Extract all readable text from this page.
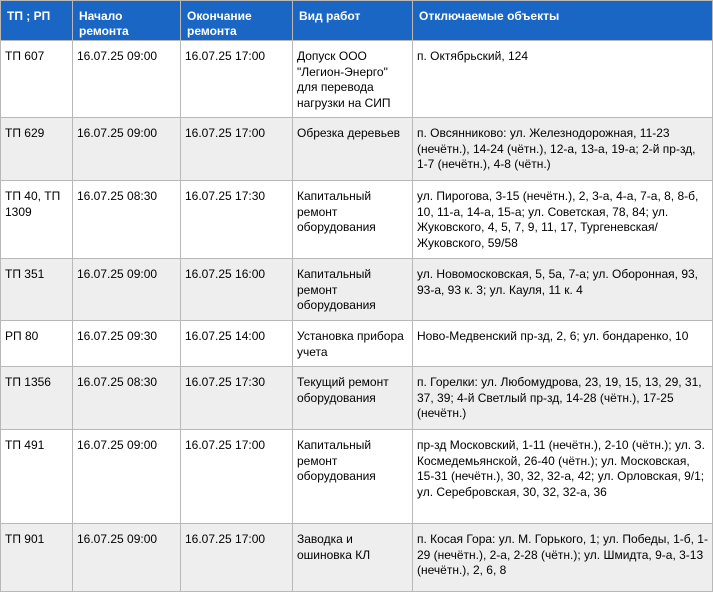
ТП ; РП	Начало ремонта	Окончание ремонта	Вид работ	Отключаемые объекты
ТП 607	16.07.25 09:00	16.07.25 17:00	Допуск ООО "Легион-Энерго" для перевода нагрузки на СИП	п. Октябрьский, 124
ТП 629	16.07.25 09:00	16.07.25 17:00	Обрезка деревьев	п. Овсянниково: ул. Железнодорожная, 11-23 (нечётн.), 14-24 (чётн.), 12-а, 13-а, 19-а; 2-й пр-зд, 1-7 (нечётн.), 4-8 (чётн.)
ТП 40, ТП 1309	16.07.25 08:30	16.07.25 17:30	Капитальный ремонт оборудования	ул. Пирогова, 3-15 (нечётн.), 2, 3-а, 4-а, 7-а, 8, 8-б, 10, 11-а, 14-а, 15-а; ул. Советская, 78, 84; ул. Жуковского, 4, 5, 7, 9, 11, 17, Тургеневская/ Жуковского, 59/58
ТП 351	16.07.25 09:00	16.07.25 16:00	Капитальный ремонт оборудования	ул. Новомосковская, 5, 5а, 7-а; ул. Оборонная, 93, 93-а, 93 к. 3; ул. Кауля, 11 к. 4
РП 80	16.07.25 09:30	16.07.25 14:00	Установка прибора учета	Ново-Медвенский пр-зд, 2, 6; ул. бондаренко, 10
ТП 1356	16.07.25 08:30	16.07.25 17:30	Текущий ремонт оборудования	п. Горелки: ул. Любомудрова, 23, 19, 15, 13, 29, 31, 37, 39; 4-й Светлый пр-зд, 14-28 (чётн.), 17-25 (нечётн.)
ТП 491	16.07.25 09:00	16.07.25 17:00	Капитальный ремонт оборудования	пр-зд Московский, 1-11 (нечётн.), 2-10 (чётн.); ул. З. Космедемьянской, 26-40 (чётн.); ул. Московская, 15-31 (нечётн.), 30, 32, 32-а, 42; ул. Орловская, 9/1; ул. Серебровская, 30, 32, 32-а, 36
ТП 901	16.07.25 09:00	16.07.25 17:00	Заводка и ошиновка КЛ	п. Косая Гора: ул. М. Горького, 1; ул. Победы, 1-б, 1-29 (нечётн.), 2-а, 2-28 (чётн.); ул. Шмидта, 9-а, 3-13 (нечётн.), 2, 6, 8
